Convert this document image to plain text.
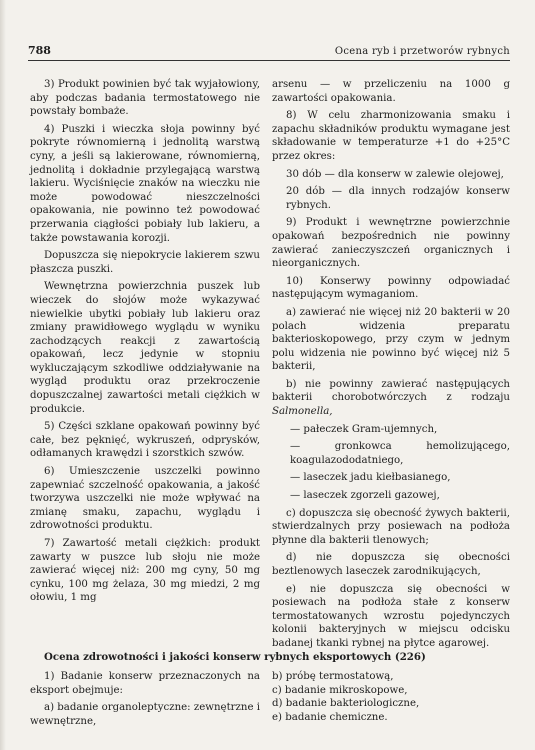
788	Ocena ryb i przetworów rybnych

3) Produkt powinien być tak wyjałowiony, aby podczas badania termostatowego nie powstały bombaże.

4) Puszki i wieczka słoja powinny być pokryte równomierną i jednolitą warstwą cyny, a jeśli są lakierowane, równomierną, jednolitą i dokładnie przylegającą warstwą lakieru. Wyciśnięcie znaków na wieczku nie może powodować nieszczelności opakowania, nie powinno też powodować przerwania ciągłości pobiały lub lakieru, a także powstawania korozji.

Dopuszcza się niepokrycie lakierem szwu płaszcza puszki.

Wewnętrzna powierzchnia puszek lub wieczek do słojów może wykazywać niewielkie ubytki pobiały lub lakieru oraz zmiany prawidłowego wyglądu w wyniku zachodzących reakcji z zawartością opakowań, lecz jedynie w stopniu wykluczającym szkodliwe oddziaływanie na wygląd produktu oraz przekroczenie dopuszczalnej zawartości metali ciężkich w produkcie.

5) Części szklane opakowań powinny być całe, bez pęknięć, wykruszeń, odprysków, odłamanych krawędzi i szorstkich szwów.

6) Umieszczenie uszczelki powinno zapewniać szczelność opakowania, a jakość tworzywa uszczelki nie może wpływać na zmianę smaku, zapachu, wyglądu i zdrowotności produktu.

7) Zawartość metali ciężkich: produkt zawarty w puszce lub słoju nie może zawierać więcej niż: 200 mg cyny, 50 mg cynku, 100 mg żelaza, 30 mg miedzi, 2 mg ołowiu, 1 mg

arsenu — w przeliczeniu na 1000 g zawartości opakowania.

8) W celu zharmonizowania smaku i zapachu składników produktu wymagane jest składowanie w temperaturze +1 do +25°C przez okres:

30 dób — dla konserw w zalewie olejowej,

20 dób — dla innych rodzajów konserw rybnych.

9) Produkt i wewnętrzne powierzchnie opakowań bezpośrednich nie powinny zawierać zanieczyszczeń organicznych i nieorganicznych.

10) Konserwy powinny odpowiadać następującym wymaganiom.

a) zawierać nie więcej niż 20 bakterii w 20 polach widzenia preparatu bakterioskopowego, przy czym w jednym polu widzenia nie powinno być więcej niż 5 bakterii,

b) nie powinny zawierać następujących bakterii chorobotwórczych z rodzaju Salmonella,

— pałeczek Gram-ujemnych,

— gronkowca hemolizującego, koagulazododatniego,

— laseczek jadu kiełbasianego,

— laseczek zgorzeli gazowej,

c) dopuszcza się obecność żywych bakterii, stwierdzalnych przy posiewach na podłoża płynne dla bakterii tlenowych;

d) nie dopuszcza się obecności beztlenowych laseczek zarodnikujących,

e) nie dopuszcza się obecności w posiewach na podłoża stałe z konserw termostatowanych wzrostu pojedynczych kolonii bakteryjnych w miejscu odcisku badanej tkanki rybnej na płytce agarowej.

Ocena zdrowotności i jakości konserw rybnych eksportowych (226)

1) Badanie konserw przeznaczonych na eksport obejmuje:

a) badanie organoleptyczne: zewnętrzne i wewnętrzne,

b) próbę termostatową,

c) badanie mikroskopowe,

d) badanie bakteriologiczne,

e) badanie chemiczne.
